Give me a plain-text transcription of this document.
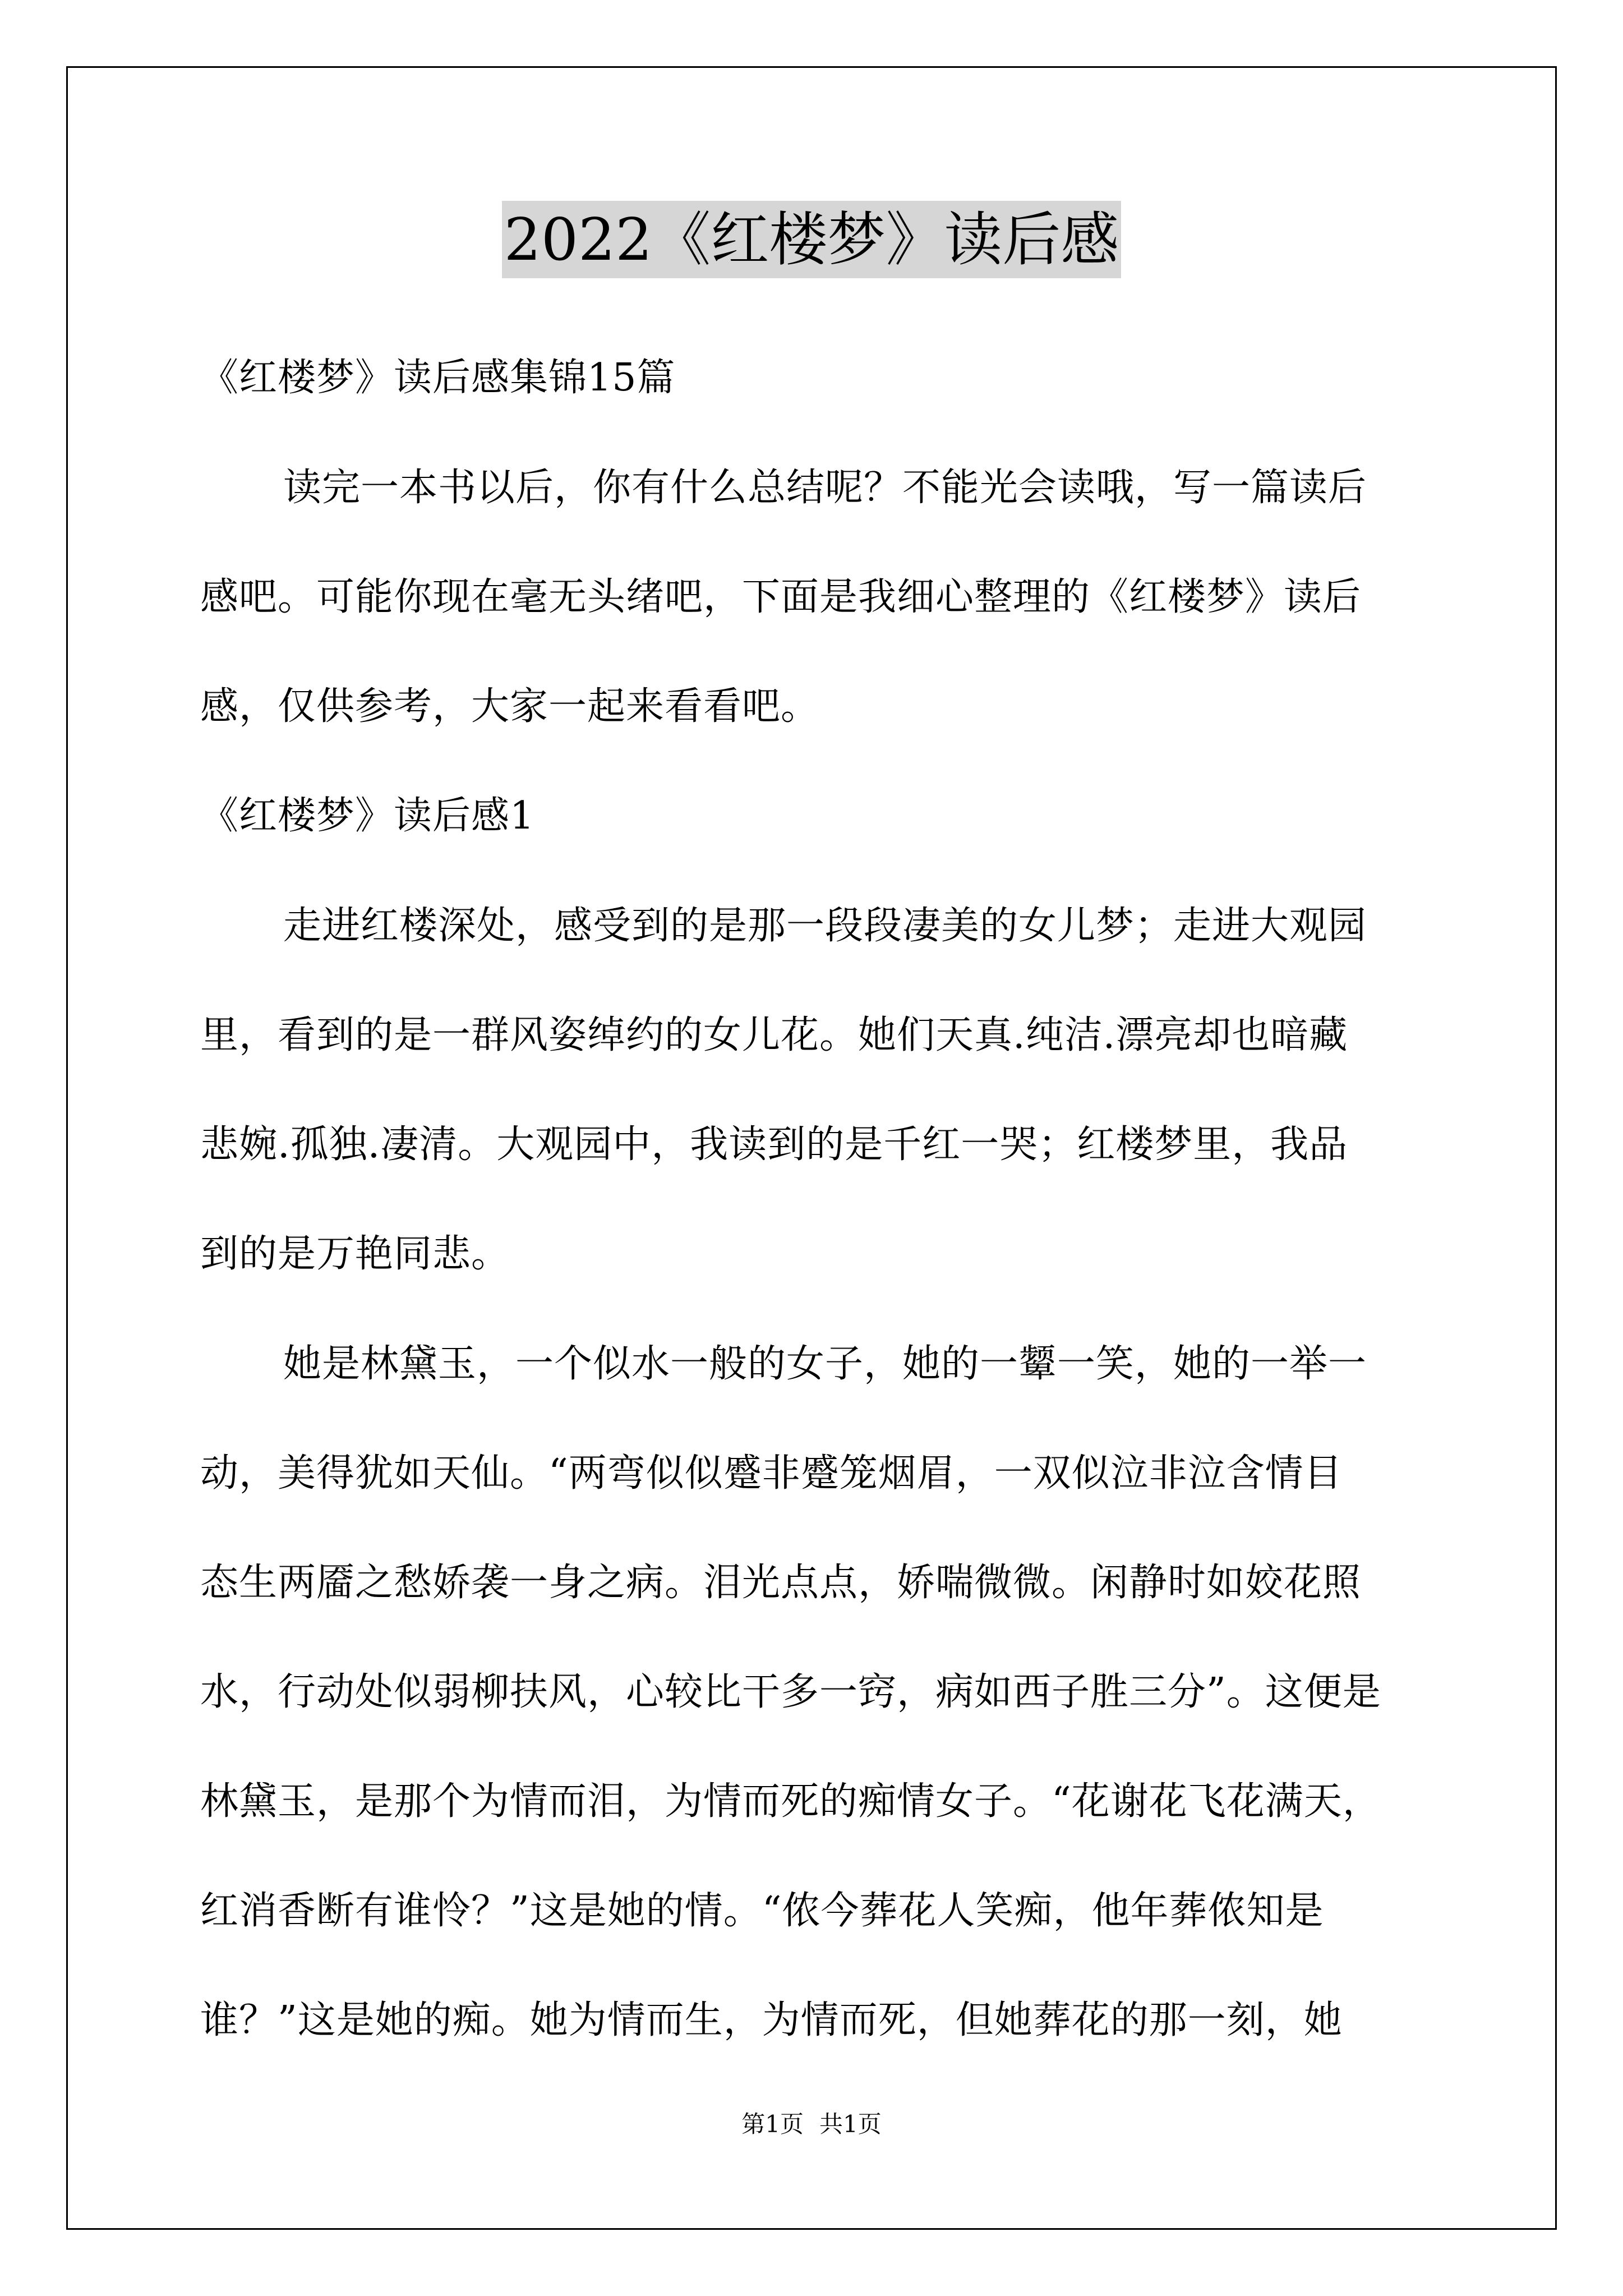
2022《红楼梦》读后感
《红楼梦》读后感集锦15篇
读完一本书以后，你有什么总结呢？不能光会读哦，写一篇读后
感吧。可能你现在毫无头绪吧，下面是我细心整理的《红楼梦》读后
感，仅供参考，大家一起来看看吧。
《红楼梦》读后感1
走进红楼深处，感受到的是那一段段凄美的女儿梦；走进大观园
里，看到的是一群风姿绰约的女儿花。她们天真.纯洁.漂亮却也暗藏
悲婉.孤独.凄清。大观园中，我读到的是千红一哭；红楼梦里，我品
到的是万艳同悲。
她是林黛玉，一个似水一般的女子，她的一颦一笑，她的一举一
动，美得犹如天仙。“两弯似似蹙非蹙笼烟眉，一双似泣非泣含情目
态生两靥之愁娇袭一身之病。泪光点点，娇喘微微。闲静时如姣花照
水，行动处似弱柳扶风，心较比干多一窍，病如西子胜三分”。这便是
林黛玉，是那个为情而泪，为情而死的痴情女子。“花谢花飞花满天，
红消香断有谁怜？”这是她的情。“侬今葬花人笑痴，他年葬侬知是
谁？”这是她的痴。她为情而生，为情而死，但她葬花的那一刻，她
第1页 共1页
